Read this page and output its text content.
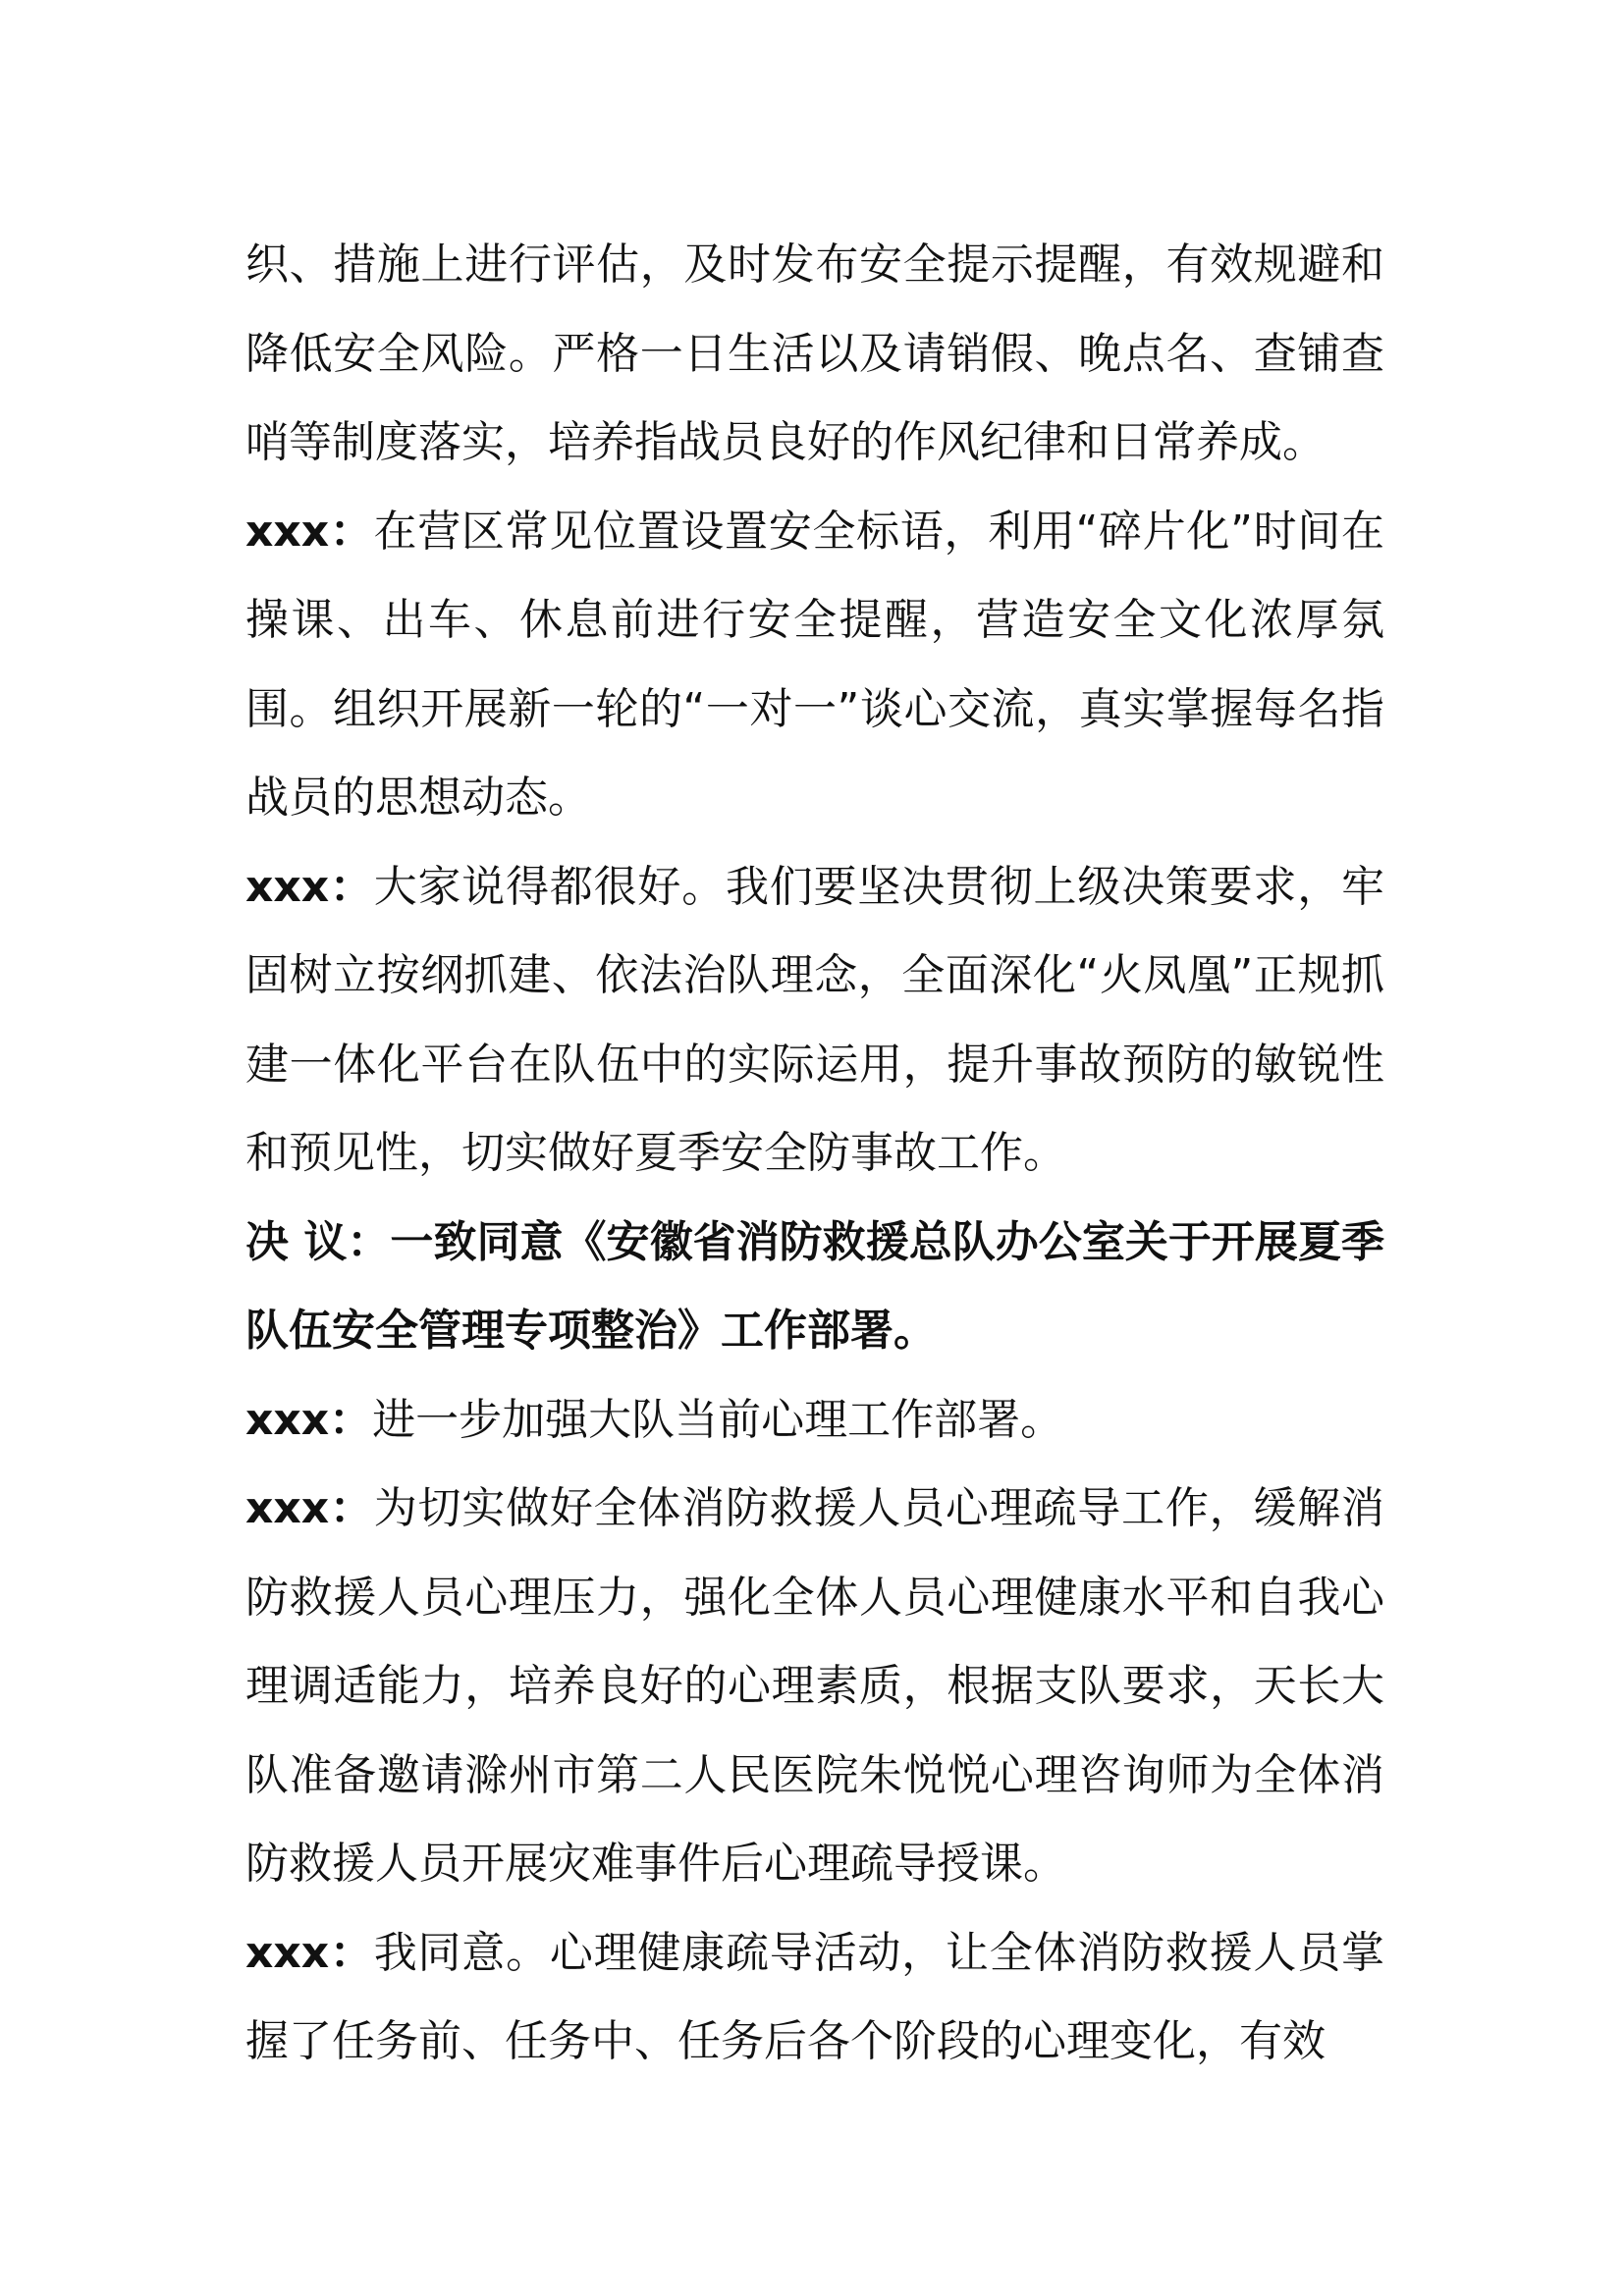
织、措施上进行评估，及时发布安全提示提醒，有效规避和降低安全风险。严格一日生活以及请销假、晚点名、查铺查哨等制度落实，培养指战员良好的作风纪律和日常养成。

xxx：在营区常见位置设置安全标语，利用“碎片化”时间在操课、出车、休息前进行安全提醒，营造安全文化浓厚氛围。组织开展新一轮的“一对一”谈心交流，真实掌握每名指战员的思想动态。

xxx：大家说得都很好。我们要坚决贯彻上级决策要求，牢固树立按纲抓建、依法治队理念，全面深化“火凤凰”正规抓建一体化平台在队伍中的实际运用，提升事故预防的敏锐性和预见性，切实做好夏季安全防事故工作。

决 议：一致同意《安徽省消防救援总队办公室关于开展夏季 队伍安全管理专项整治》工作部署。

xxx：进一步加强大队当前心理工作部署。

xxx：为切实做好全体消防救援人员心理疏导工作，缓解消防救援人员心理压力，强化全体人员心理健康水平和自我心理调适能力，培养良好的心理素质，根据支队要求，天长大队准备邀请滁州市第二人民医院朱悦悦心理咨询师为全体消防救援人员开展灾难事件后心理疏导授课。

xxx：我同意。心理健康疏导活动，让全体消防救援人员掌握了任务前、任务中、任务后各个阶段的心理变化，有效
